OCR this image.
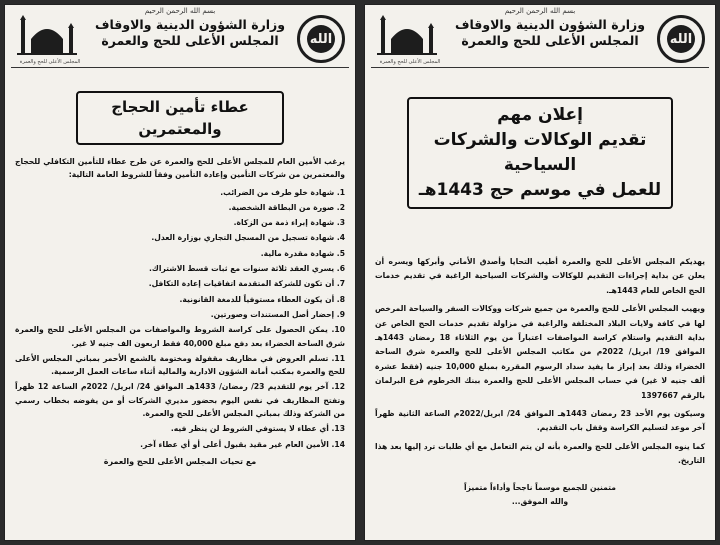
بسم الله الرحمن الرحيم
وزارة الشؤون الدينية والاوقاف
المجلس الأعلى للحج والعمرة	الله
المجلس الأعلى للحج والعمرة
إعلان مهم
تقديم الوكالات والشركات السياحية
للعمل في موسم حج 1443هـ

يهديكم المجلس الأعلى للحج والعمرة أطيب التحايا وأصدق الأماني وأبركها ويسره أن يعلن عن بداية إجراءات التقديم للوكالات والشركات السياحية الراغبة في تقديم خدمات الحج الخاص للعام 1443هـ.

ويهيب المجلس الأعلى للحج والعمرة من جميع شركات ووكالات السفر والسياحة المرخص لها في كافة ولايات البلاد المختلفة والراغبة في مزاولة تقديم خدمات الحج الخاص عن بداية التقديم واستلام كراسة المواصفات اعتباراً من يوم الثلاثاء 18 رمضان 1443هـ الموافق 19/ ابريل/ 2022م من مكاتب المجلس الأعلى للحج والعمرة شرق الساحة الخضراء وذلك بعد إبراز ما يفيد سداد الرسوم المقررة بمبلغ 10,000 جنيه (فقط عشرة ألف جنيه لا غير) في حساب المجلس الأعلى للحج والعمرة ببنك الخرطوم فرع البرلمان بالرقم 1397667

وسيكون يوم الأحد 23 رمضان 1443هـ الموافق 24/ ابريل/2022م الساعة الثانية ظهراً آخر موعد لتسليم الكراسة وقفل باب التقديم.

كما ينوه المجلس الأعلى للحج والعمرة بأنه لن يتم التعامل مع أي طلبات ترد إليها بعد هذا التاريخ.

متمنين للجميع موسماً ناجحاً وأداءاً متميزاً
والله الموفق...
بسم الله الرحمن الرحيم
وزارة الشؤون الدينية والاوقاف
المجلس الأعلى للحج والعمرة	الله
المجلس الأعلى للحج والعمرة
عطاء تأمين الحجاج والمعتمرين

يرغب الأمين العام للمجلس الأعلى للحج والعمرة عن طرح عطاء للتأمين التكافلي للحجاج والمعتمرين من شركات التأمين وإعادة التأمين وفقاً للشروط العامة التالية:

1. شهادة خلو طرف من الضرائب.

2. صورة من البطاقة الشخصية.

3. شهادة إبراء ذمة من الزكاة.

4. شهادة تسجيل من المسجل التجاري بوزارة العدل.

5. شهادة مقدرة مالية.

6. يسري العقد ثلاثة سنوات مع ثبات قسط الاشتراك.

7. أن تكون للشركة المتقدمة اتفاقيات إعادة التكافل.

8. أن يكون العطاء مستوفياً للدمغة القانونية.

9. إحضار أصل المستندات وصورتين.

10. يمكن الحصول على كراسة الشروط والمواصفات من المجلس الأعلى للحج والعمرة شرق الساحة الخضراء بعد دفع مبلغ 40,000 فقط اربعون الف جنيه لا غير.

11. تسلم العروض في مظاريف مقفولة ومختومة بالشمع الأحمر بمباني المجلس الأعلى للحج والعمرة بمكتب أمانة الشؤون الادارية والمالية أثناء ساعات العمل الرسمية.

12. آخر يوم للتقديم 23/ رمضان/ 1433هـ الموافق 24/ ابريل/ 2022م الساعة 12 ظهراً وتفتح المظاريف في نفس اليوم بحضور مديري الشركات أو من يفوضه بخطاب رسمي من الشركة وذلك بمباني المجلس الأعلى للحج والعمرة.

13. أي عطاء لا يستوفي الشروط لن ينظر فيه.

14. الأمين العام غير مقيد بقبول أعلى أو أي عطاء آخر.

مع تحيات المجلس الأعلى للحج والعمرة
